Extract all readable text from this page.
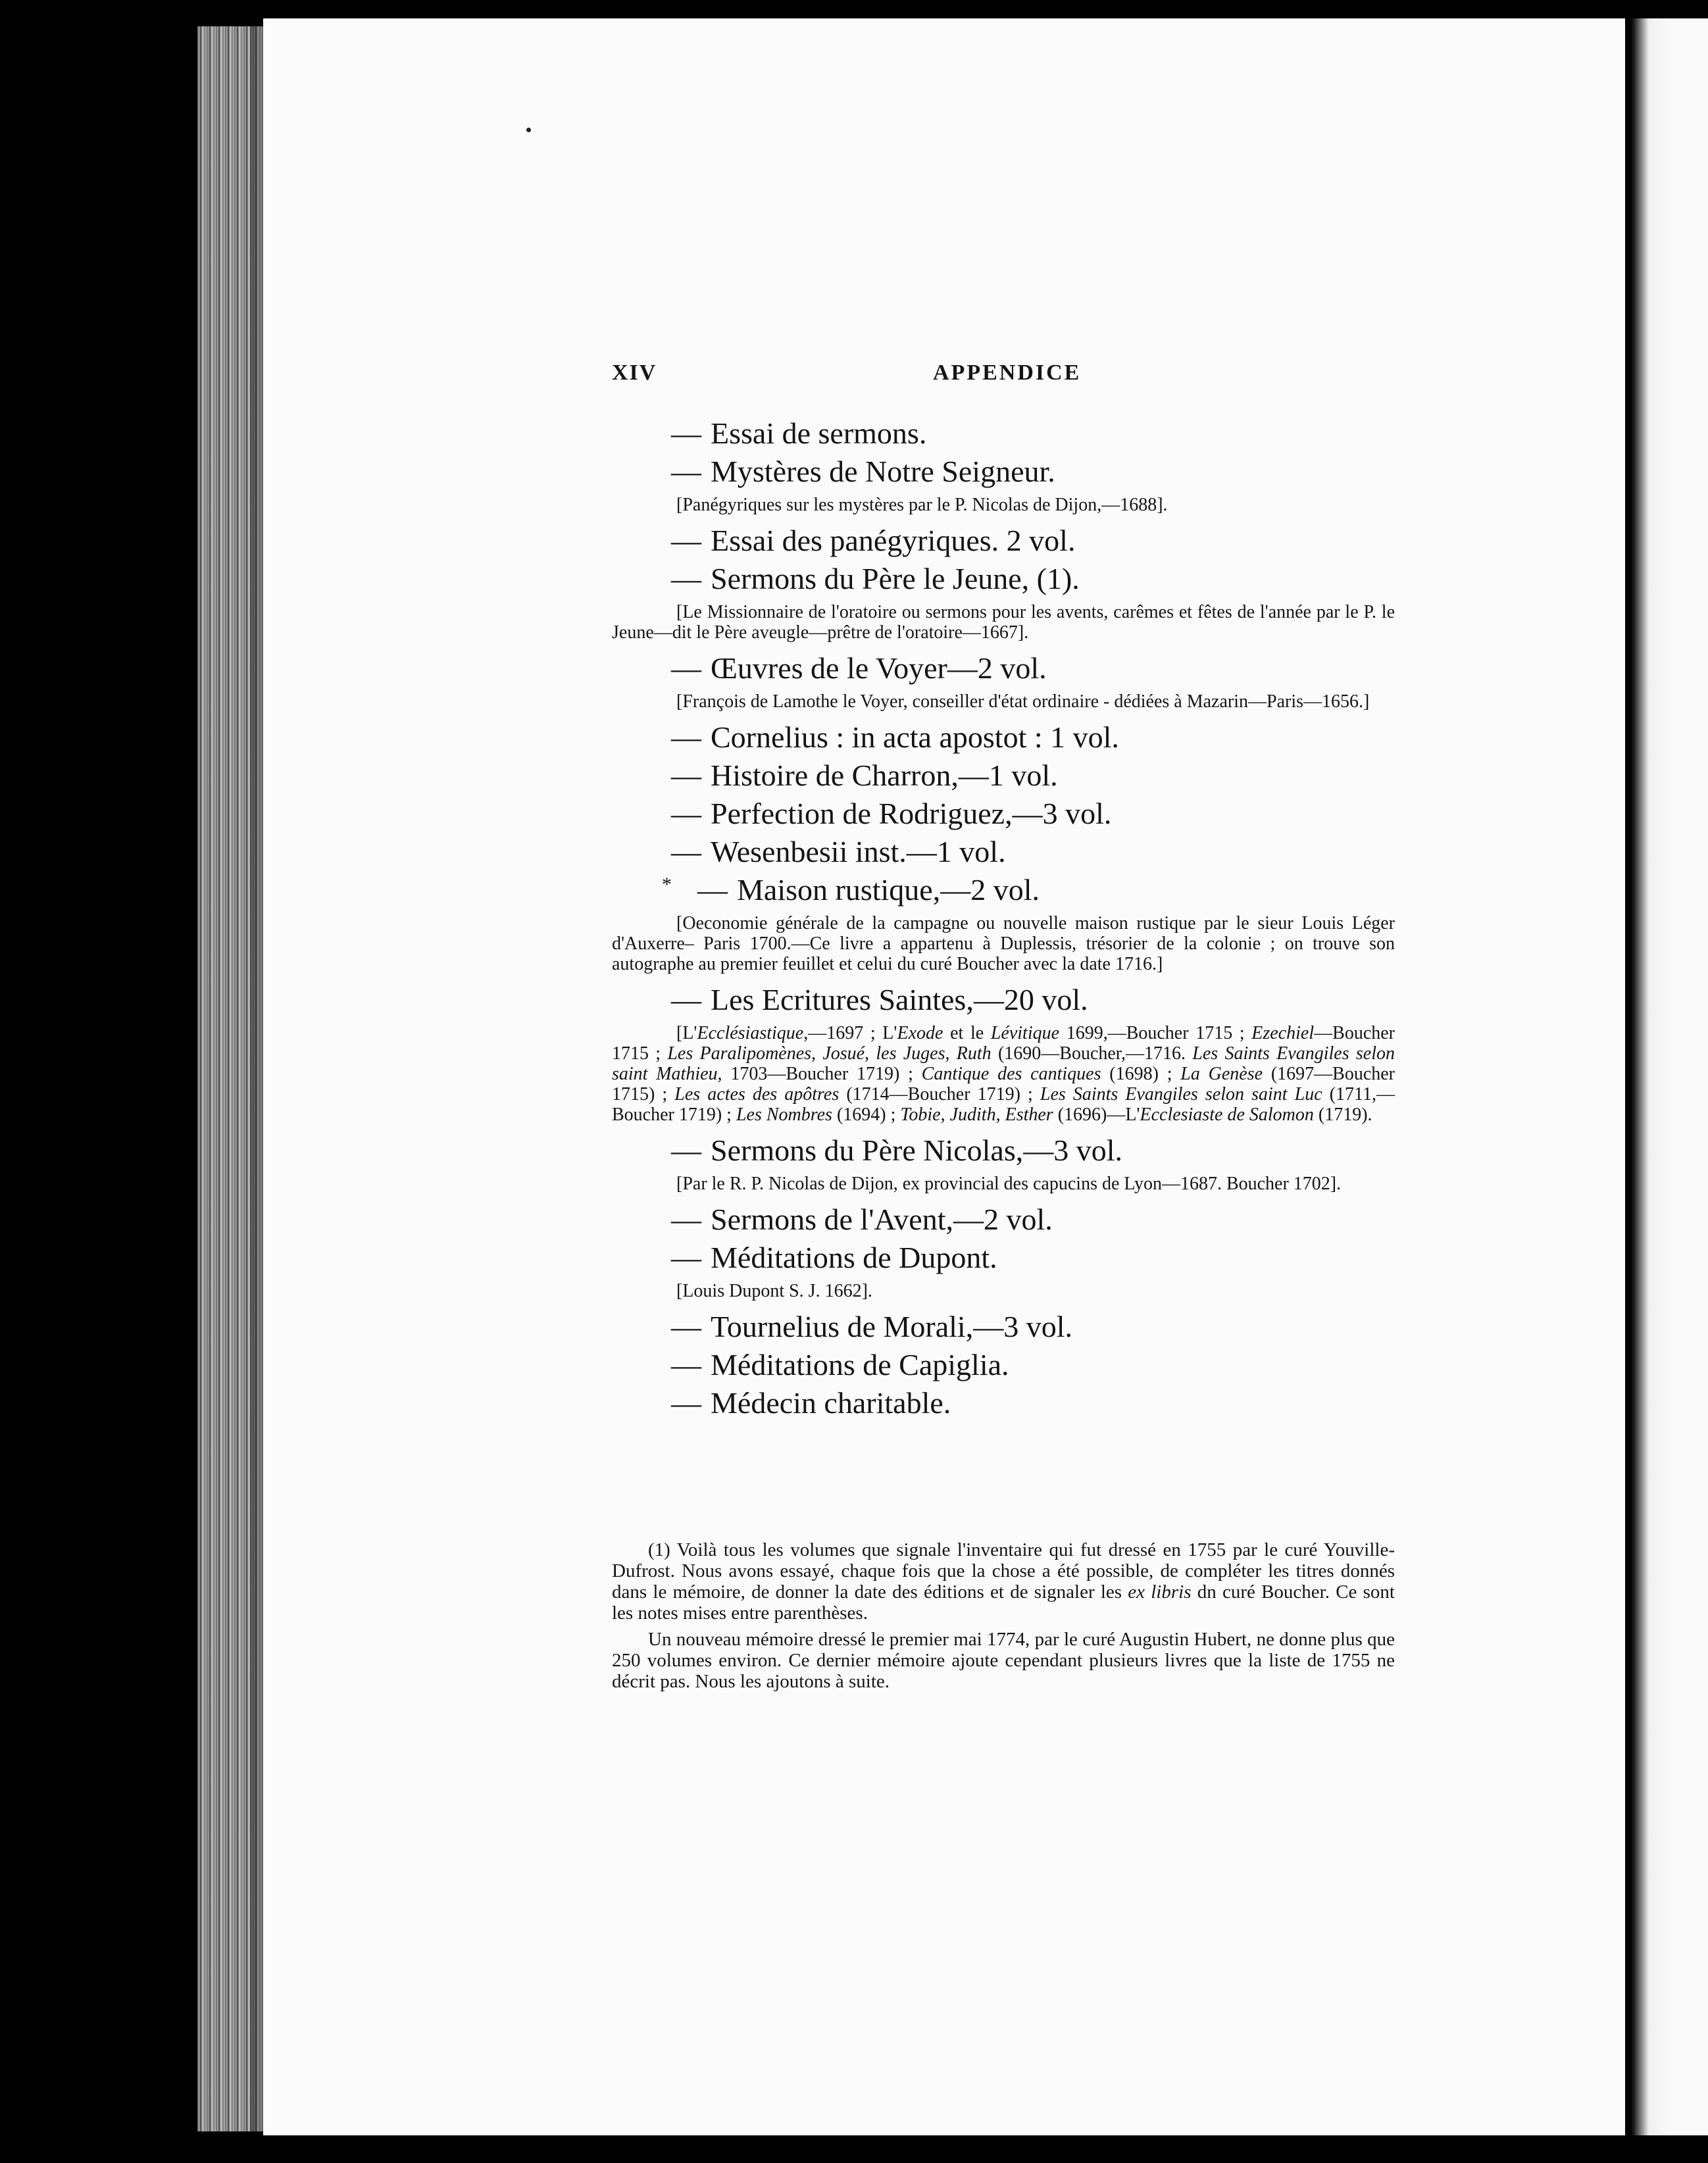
XIV	APPENDICE
— Essai de sermons.
— Mystères de Notre Seigneur.

[Panégyriques sur les mystères par le P. Nicolas de Dijon,—1688].

— Essai des panégyriques. 2 vol.
— Sermons du Père le Jeune, (1).

[Le Missionnaire de l'oratoire ou sermons pour les avents, carêmes et fêtes de l'année par le P. le Jeune—dit le Père aveugle—prêtre de l'oratoire—1667].

— Œuvres de le Voyer—2 vol.

[François de Lamothe le Voyer, conseiller d'état ordinaire - dédiées à Mazarin—Paris—1656.]

— Cornelius : in acta apostot : 1 vol.
— Histoire de Charron,—1 vol.
— Perfection de Rodriguez,—3 vol.
— Wesenbesii inst.—1 vol.
* — Maison rustique,—2 vol.

[Oeconomie générale de la campagne ou nouvelle maison rustique par le sieur Louis Léger d'Auxerre– Paris 1700.—Ce livre a appartenu à Duplessis, trésorier de la colonie ; on trouve son autographe au premier feuillet et celui du curé Boucher avec la date 1716.]

— Les Ecritures Saintes,—20 vol.

[L'Ecclésiastique,—1697 ; L'Exode et le Lévitique 1699,—Boucher 1715 ; Ezechiel—Boucher 1715 ; Les Paralipomènes, Josué, les Juges, Ruth (1690—Boucher,—1716. Les Saints Evangiles selon saint Mathieu, 1703—Boucher 1719) ; Cantique des cantiques (1698) ; La Genèse (1697—Boucher 1715) ; Les actes des apôtres (1714—Boucher 1719) ; Les Saints Evangiles selon saint Luc (1711,—Boucher 1719) ; Les Nombres (1694) ; Tobie, Judith, Esther (1696)—L'Ecclesiaste de Salomon (1719).

— Sermons du Père Nicolas,—3 vol.

[Par le R. P. Nicolas de Dijon, ex provincial des capucins de Lyon—1687. Boucher 1702].

— Sermons de l'Avent,—2 vol.
— Méditations de Dupont.

[Louis Dupont S. J. 1662].

— Tournelius de Morali,—3 vol.
— Méditations de Capiglia.
— Médecin charitable.

(1) Voilà tous les volumes que signale l'inventaire qui fut dressé en 1755 par le curé Youville-Dufrost. Nous avons essayé, chaque fois que la chose a été possible, de compléter les titres donnés dans le mémoire, de donner la date des éditions et de signaler les ex libris dn curé Boucher. Ce sont les notes mises entre parenthèses.

Un nouveau mémoire dressé le premier mai 1774, par le curé Augustin Hubert, ne donne plus que 250 volumes environ. Ce dernier mémoire ajoute cependant plusieurs livres que la liste de 1755 ne décrit pas. Nous les ajoutons à suite.
